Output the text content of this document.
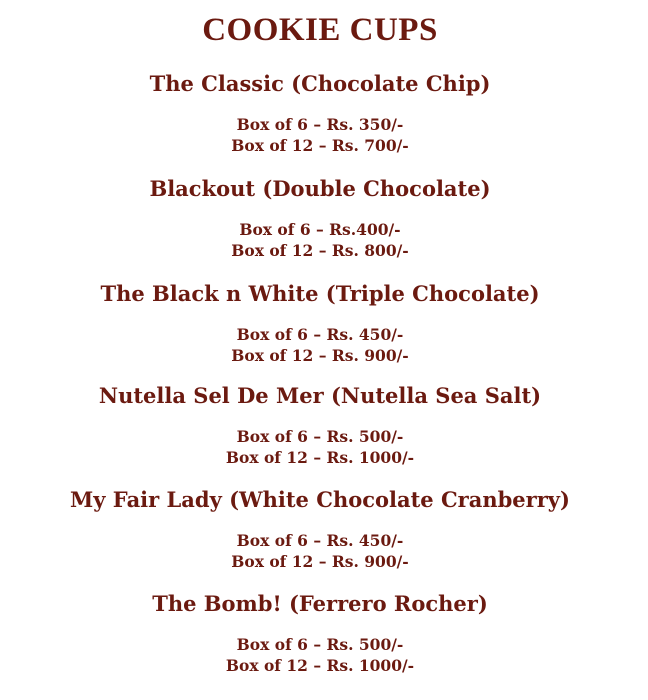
COOKIE CUPS

The Classic (Chocolate Chip)

Box of 6 – Rs. 350/-
Box of 12 – Rs. 700/-

Blackout (Double Chocolate)

Box of 6 – Rs.400/-
Box of 12 – Rs. 800/-

The Black n White (Triple Chocolate)

Box of 6 – Rs. 450/-
Box of 12 – Rs. 900/-

Nutella Sel De Mer (Nutella Sea Salt)

Box of 6 – Rs. 500/-
Box of 12 – Rs. 1000/-

My Fair Lady (White Chocolate Cranberry)

Box of 6 – Rs. 450/-
Box of 12 – Rs. 900/-

The Bomb! (Ferrero Rocher)

Box of 6 – Rs. 500/-
Box of 12 – Rs. 1000/-
